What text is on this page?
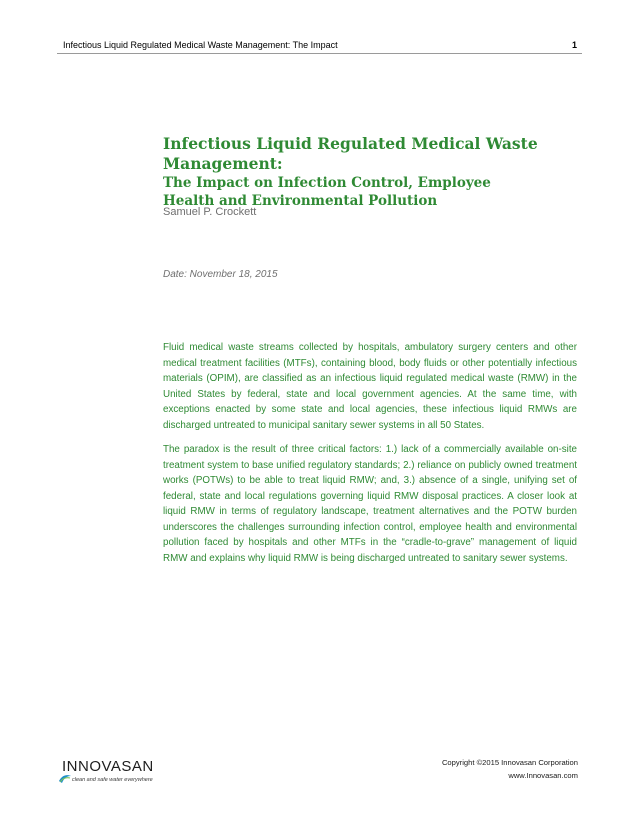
Infectious Liquid Regulated Medical Waste Management: The Impact	1
Infectious Liquid Regulated Medical Waste Management:
The Impact on Infection Control, Employee Health and Environmental Pollution
Samuel P. Crockett
Date: November 18, 2015

Fluid medical waste streams collected by hospitals, ambulatory surgery centers and other medical treatment facilities (MTFs), containing blood, body fluids or other potentially infectious materials (OPIM), are classified as an infectious liquid regulated medical waste (RMW) in the United States by federal, state and local government agencies. At the same time, with exceptions enacted by some state and local agencies, these infectious liquid RMWs are discharged untreated to municipal sanitary sewer systems in all 50 States.

The paradox is the result of three critical factors: 1.) lack of a commercially available on-site treatment system to base unified regulatory standards; 2.) reliance on publicly owned treatment works (POTWs) to be able to treat liquid RMW; and, 3.) absence of a single, unifying set of federal, state and local regulations governing liquid RMW disposal practices. A closer look at liquid RMW in terms of regulatory landscape, treatment alternatives and the POTW burden underscores the challenges surrounding infection control, employee health and environmental pollution faced by hospitals and other MTFs in the “cradle-to-grave” management of liquid RMW and explains why liquid RMW is being discharged untreated to sanitary sewer systems.

INNOVASAN
clean and safe water everywhere
Copyright ©2015 Innovasan Corporation
www.Innovasan.com
